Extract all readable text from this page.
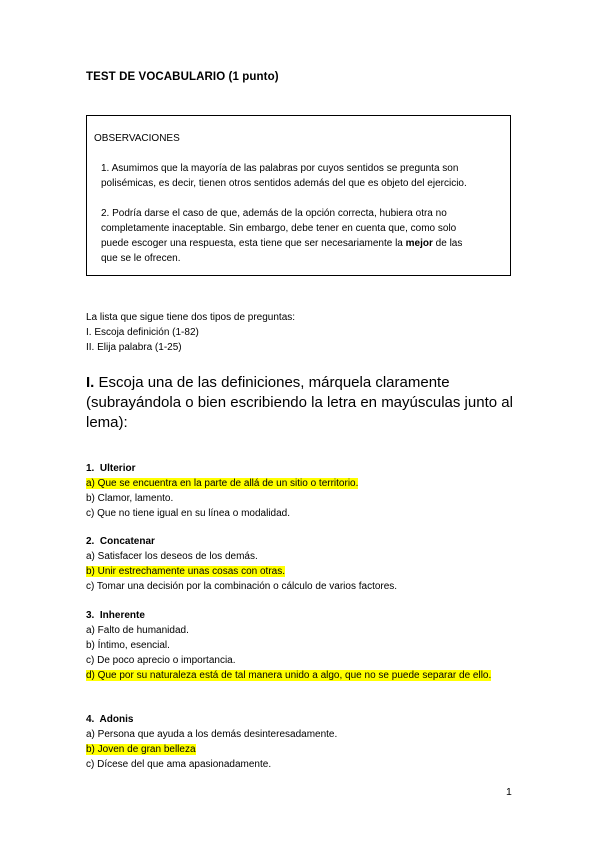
TEST DE VOCABULARIO (1 punto)
OBSERVACIONES
1. Asumimos que la mayoría de las palabras por cuyos sentidos se pregunta son
polisémicas, es decir, tienen otros sentidos además del que es objeto del ejercicio.
2. Podría darse el caso de que, además de la opción correcta, hubiera otra no
completamente inaceptable. Sin embargo, debe tener en cuenta que, como solo
puede escoger una respuesta, esta tiene que ser necesariamente la mejor de las
que se le ofrecen.
La lista que sigue tiene dos tipos de preguntas:
I. Escoja definición (1-82)
II. Elija palabra (1-25)
I. Escoja una de las definiciones, márquela claramente (subrayándola o bien escribiendo la letra en mayúsculas junto al lema):
1. Ulterior
a) Que se encuentra en la parte de allá de un sitio o territorio.
b) Clamor, lamento.
c) Que no tiene igual en su línea o modalidad.
2. Concatenar
a) Satisfacer los deseos de los demás.
b) Unir estrechamente unas cosas con otras.
c) Tomar una decisión por la combinación o cálculo de varios factores.
3. Inherente
a) Falto de humanidad.
b) Íntimo, esencial.
c) De poco aprecio o importancia.
d) Que por su naturaleza está de tal manera unido a algo, que no se puede separar de ello.
4. Adonis
a) Persona que ayuda a los demás desinteresadamente.
b) Joven de gran belleza
c) Dícese del que ama apasionadamente.
1
